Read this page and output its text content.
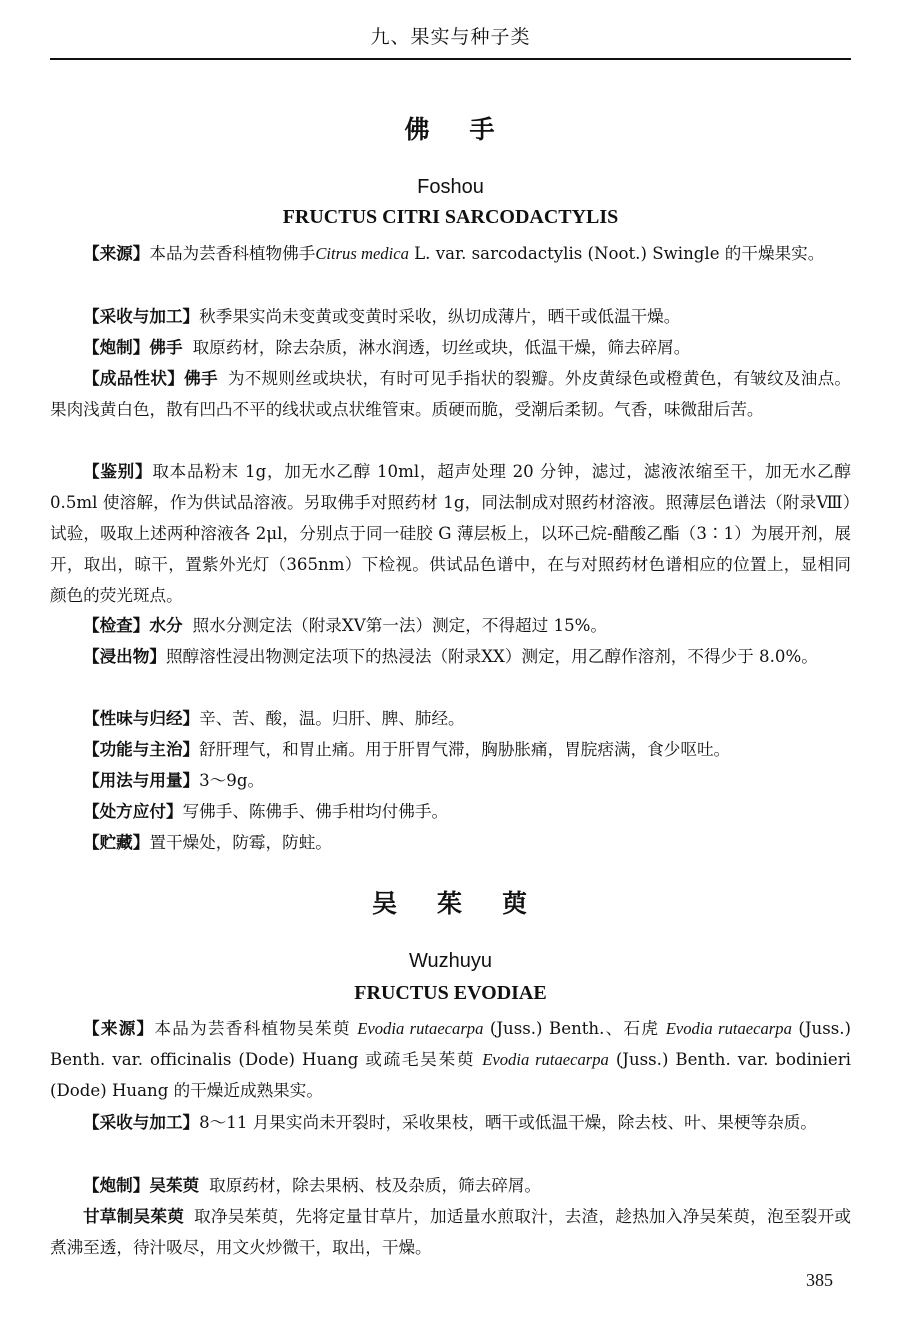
九、果实与种子类
佛 手
Foshou
FRUCTUS CITRI SARCODACTYLIS
【来源】本品为芸香科植物佛手Citrus medica L. var. sarcodactylis (Noot.) Swingle 的干燥果实。
【采收与加工】秋季果实尚未变黄或变黄时采收，纵切成薄片，晒干或低温干燥。
【炮制】佛手 取原药材，除去杂质，淋水润透，切丝或块，低温干燥，筛去碎屑。
【成品性状】佛手 为不规则丝或块状，有时可见手指状的裂瓣。外皮黄绿色或橙黄色，有皱纹及油点。果肉浅黄白色，散有凹凸不平的线状或点状维管束。质硬而脆，受潮后柔韧。气香，味微甜后苦。
【鉴别】取本品粉末 1g，加无水乙醇 10ml，超声处理 20 分钟，滤过，滤液浓缩至干，加无水乙醇 0.5ml 使溶解，作为供试品溶液。另取佛手对照药材 1g，同法制成对照药材溶液。照薄层色谱法（附录Ⅷ）试验，吸取上述两种溶液各 2μl，分别点于同一硅胶 G 薄层板上，以环己烷-醋酸乙酯（3∶1）为展开剂，展开，取出，晾干，置紫外光灯（365nm）下检视。供试品色谱中，在与对照药材色谱相应的位置上，显相同颜色的荧光斑点。
【检查】水分 照水分测定法（附录ⅩⅤ第一法）测定，不得超过 15%。
【浸出物】照醇溶性浸出物测定法项下的热浸法（附录ⅩⅩ）测定，用乙醇作溶剂，不得少于 8.0%。
【性味与归经】辛、苦、酸，温。归肝、脾、肺经。
【功能与主治】舒肝理气，和胃止痛。用于肝胃气滞，胸胁胀痛，胃脘痞满，食少呕吐。
【用法与用量】3～9g。
【处方应付】写佛手、陈佛手、佛手柑均付佛手。
【贮藏】置干燥处，防霉，防蛀。
吴 茱 萸
Wuzhuyu
FRUCTUS EVODIAE
【来源】本品为芸香科植物吴茱萸 Evodia rutaecarpa (Juss.) Benth.、石虎 Evodia rutaecarpa (Juss.) Benth. var. officinalis (Dode) Huang 或疏毛吴茱萸 Evodia rutaecarpa (Juss.) Benth. var. bodinieri (Dode) Huang 的干燥近成熟果实。
【采收与加工】8～11 月果实尚未开裂时，采收果枝，晒干或低温干燥，除去枝、叶、果梗等杂质。
【炮制】吴茱萸 取原药材，除去果柄、枝及杂质，筛去碎屑。
甘草制吴茱萸 取净吴茱萸，先将定量甘草片，加适量水煎取汁，去渣，趁热加入净吴茱萸，泡至裂开或煮沸至透，待汁吸尽，用文火炒微干，取出，干燥。
385
